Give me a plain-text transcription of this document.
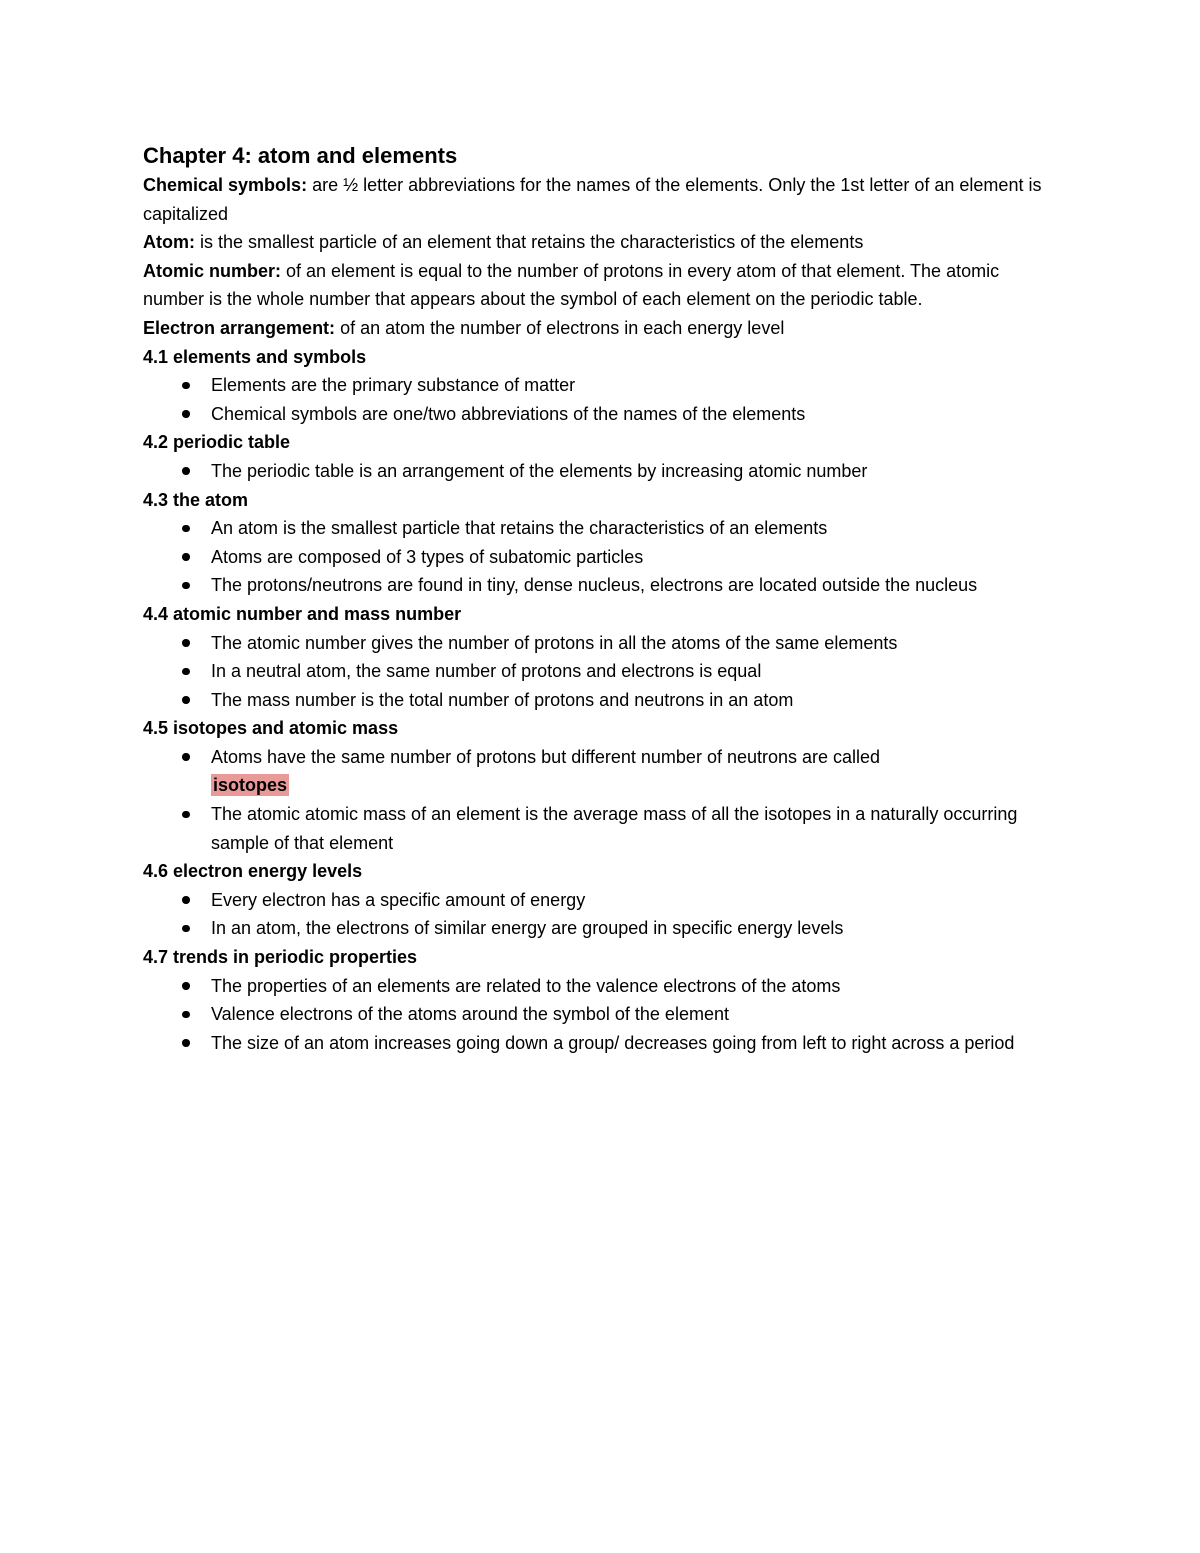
Chapter 4: atom and elements

Chemical symbols: are ½ letter abbreviations for the names of the elements. Only the 1st letter of an element is capitalized

Atom: is the smallest particle of an element that retains the characteristics of the elements

Atomic number: of an element is equal to the number of protons in every atom of that element. The atomic number is the whole number that appears about the symbol of each element on the periodic table.

Electron arrangement: of an atom the number of electrons in each energy level

4.1 elements and symbols
Elements are the primary substance of matter
Chemical symbols are one/two abbreviations of the names of the elements
4.2 periodic table
The periodic table is an arrangement of the elements by increasing atomic number
4.3 the atom
An atom is the smallest particle that retains the characteristics of an elements
Atoms are composed of 3 types of subatomic particles
The protons/neutrons are found in tiny, dense nucleus, electrons are located outside the nucleus
4.4 atomic number and mass number
The atomic number gives the number of protons in all the atoms of the same elements
In a neutral atom, the same number of protons and electrons is equal
The mass number is the total number of protons and neutrons in an atom
4.5 isotopes and atomic mass
Atoms have the same number of protons but different number of neutrons are called
isotopes
The atomic atomic mass of an element is the average mass of all the isotopes in a naturally occurring sample of that element
4.6 electron energy levels
Every electron has a specific amount of energy
In an atom, the electrons of similar energy are grouped in specific energy levels
4.7 trends in periodic properties
The properties of an elements are related to the valence electrons of the atoms
Valence electrons of the atoms around the symbol of the element
The size of an atom increases going down a group/ decreases going from left to right across a period
